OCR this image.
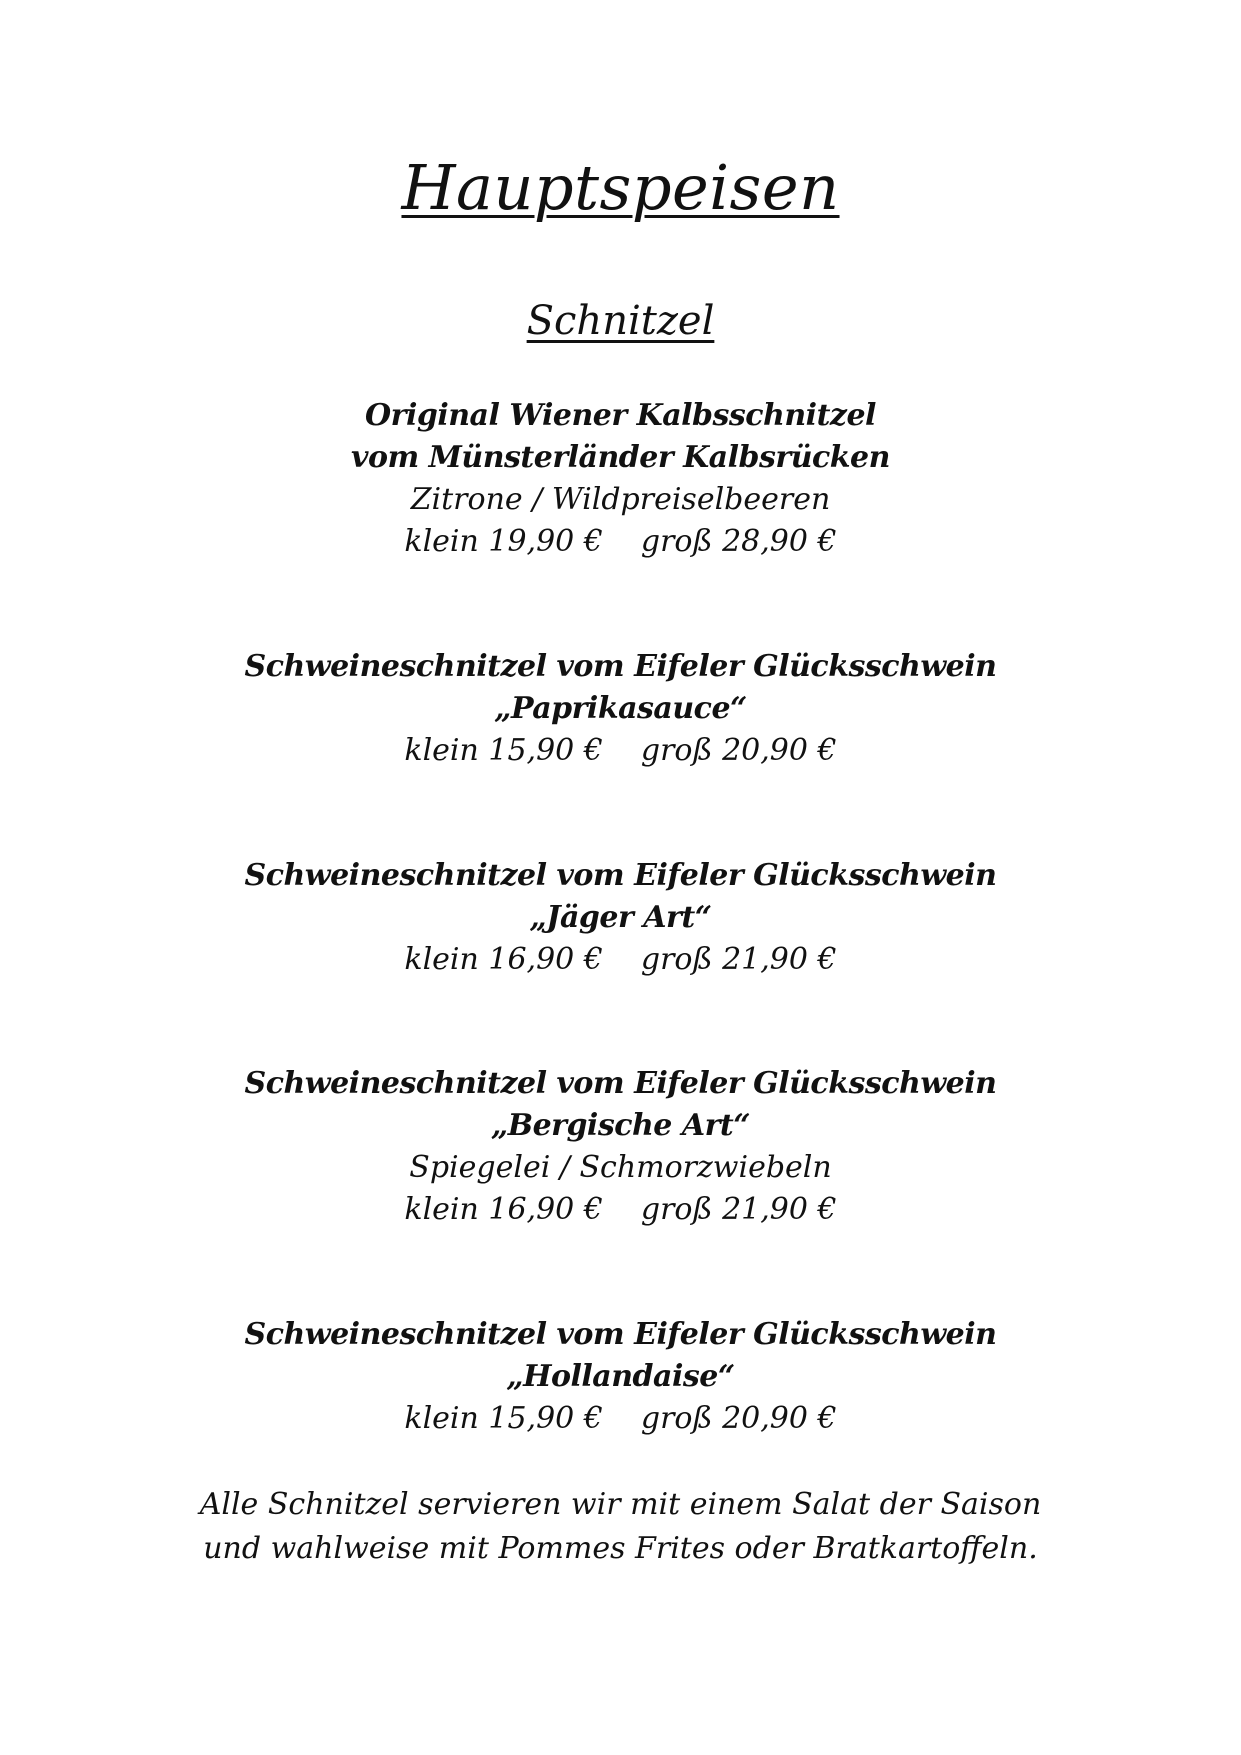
Hauptspeisen
Schnitzel
Original Wiener Kalbsschnitzel
vom Münsterländer Kalbsrücken
Zitrone / Wildpreiselbeeren
klein 19,90 € groß 28,90 €
Schweineschnitzel vom Eifeler Glücksschwein
„Paprikasauce“
klein 15,90 € groß 20,90 €
Schweineschnitzel vom Eifeler Glücksschwein
„Jäger Art“
klein 16,90 € groß 21,90 €
Schweineschnitzel vom Eifeler Glücksschwein
„Bergische Art“
Spiegelei / Schmorzwiebeln
klein 16,90 € groß 21,90 €
Schweineschnitzel vom Eifeler Glücksschwein
„Hollandaise“
klein 15,90 € groß 20,90 €
Alle Schnitzel servieren wir mit einem Salat der Saison
und wahlweise mit Pommes Frites oder Bratkartoffeln.
